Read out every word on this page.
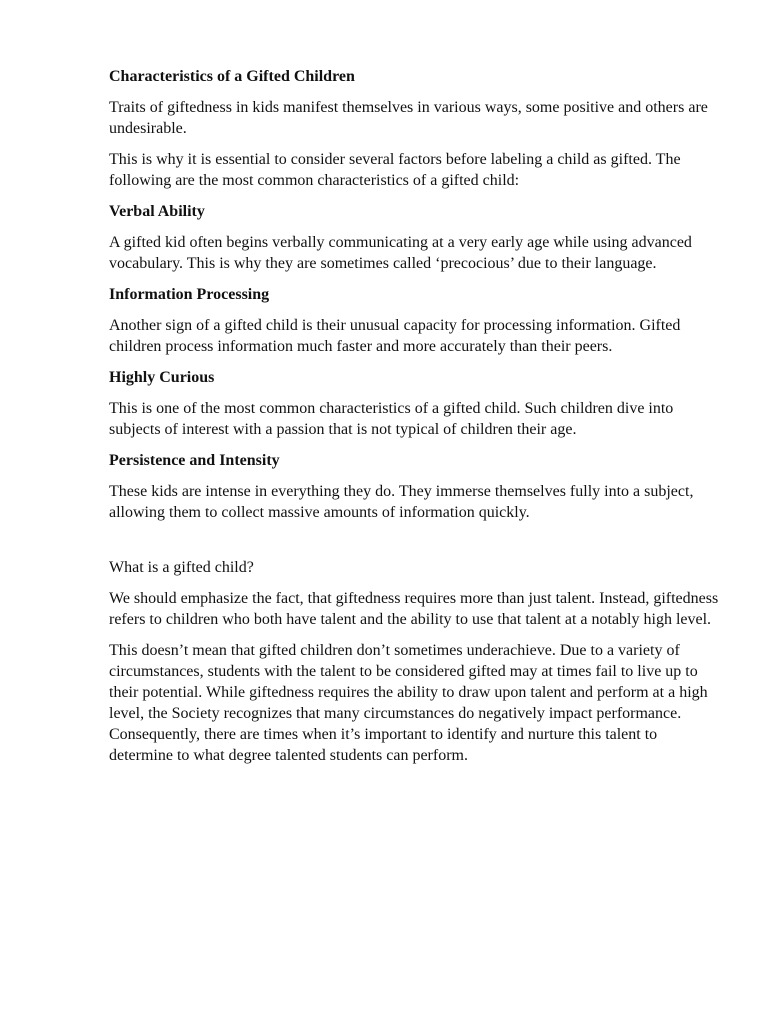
Characteristics of a Gifted Children

Traits of giftedness in kids manifest themselves in various ways, some positive and others are undesirable.

This is why it is essential to consider several factors before labeling a child as gifted. The following are the most common characteristics of a gifted child:

Verbal Ability

A gifted kid often begins verbally communicating at a very early age while using advanced vocabulary. This is why they are sometimes called ‘precocious’ due to their language.

Information Processing

Another sign of a gifted child is their unusual capacity for processing information. Gifted children process information much faster and more accurately than their peers.

Highly Curious

This is one of the most common characteristics of a gifted child. Such children dive into subjects of interest with a passion that is not typical of children their age.

Persistence and Intensity

These kids are intense in everything they do. They immerse themselves fully into a subject, allowing them to collect massive amounts of information quickly.

What is a gifted child?

We should emphasize the fact, that giftedness requires more than just talent. Instead, giftedness refers to children who both have talent and the ability to use that talent at a notably high level.

This doesn’t mean that gifted children don’t sometimes underachieve. Due to a variety of circumstances, students with the talent to be considered gifted may at times fail to live up to their potential. While giftedness requires the ability to draw upon talent and perform at a high level, the Society recognizes that many circumstances do negatively impact performance. Consequently, there are times when it’s important to identify and nurture this talent to determine to what degree talented students can perform.
